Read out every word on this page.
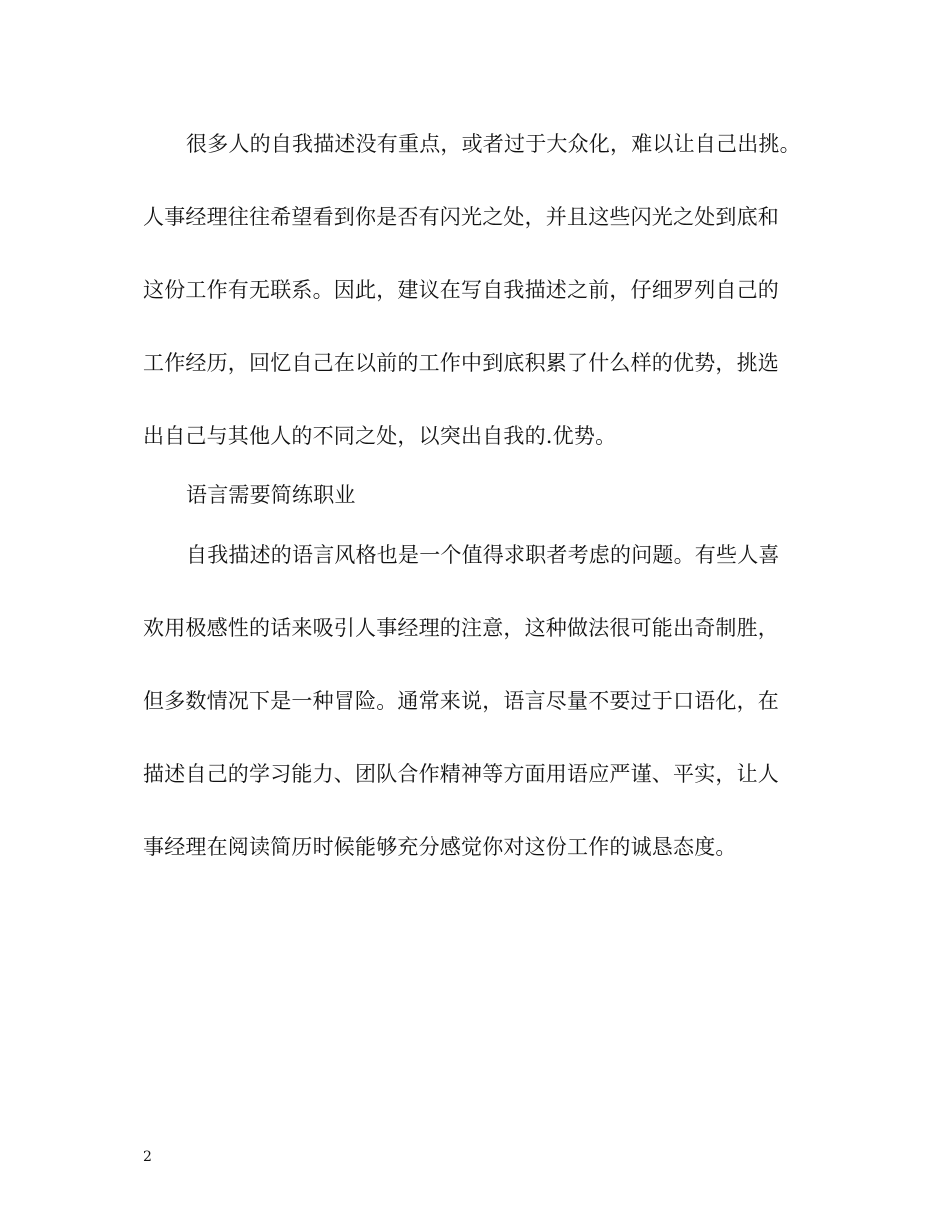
很多人的自我描述没有重点，或者过于大众化，难以让自己出挑。
人事经理往往希望看到你是否有闪光之处，并且这些闪光之处到底和
这份工作有无联系。因此，建议在写自我描述之前，仔细罗列自己的
工作经历，回忆自己在以前的工作中到底积累了什么样的优势，挑选
出自己与其他人的不同之处，以突出自我的.优势。
语言需要简练职业
自我描述的语言风格也是一个值得求职者考虑的问题。有些人喜
欢用极感性的话来吸引人事经理的注意，这种做法很可能出奇制胜，
但多数情况下是一种冒险。通常来说，语言尽量不要过于口语化，在
描述自己的学习能力、团队合作精神等方面用语应严谨、平实，让人
事经理在阅读简历时候能够充分感觉你对这份工作的诚恳态度。
2
